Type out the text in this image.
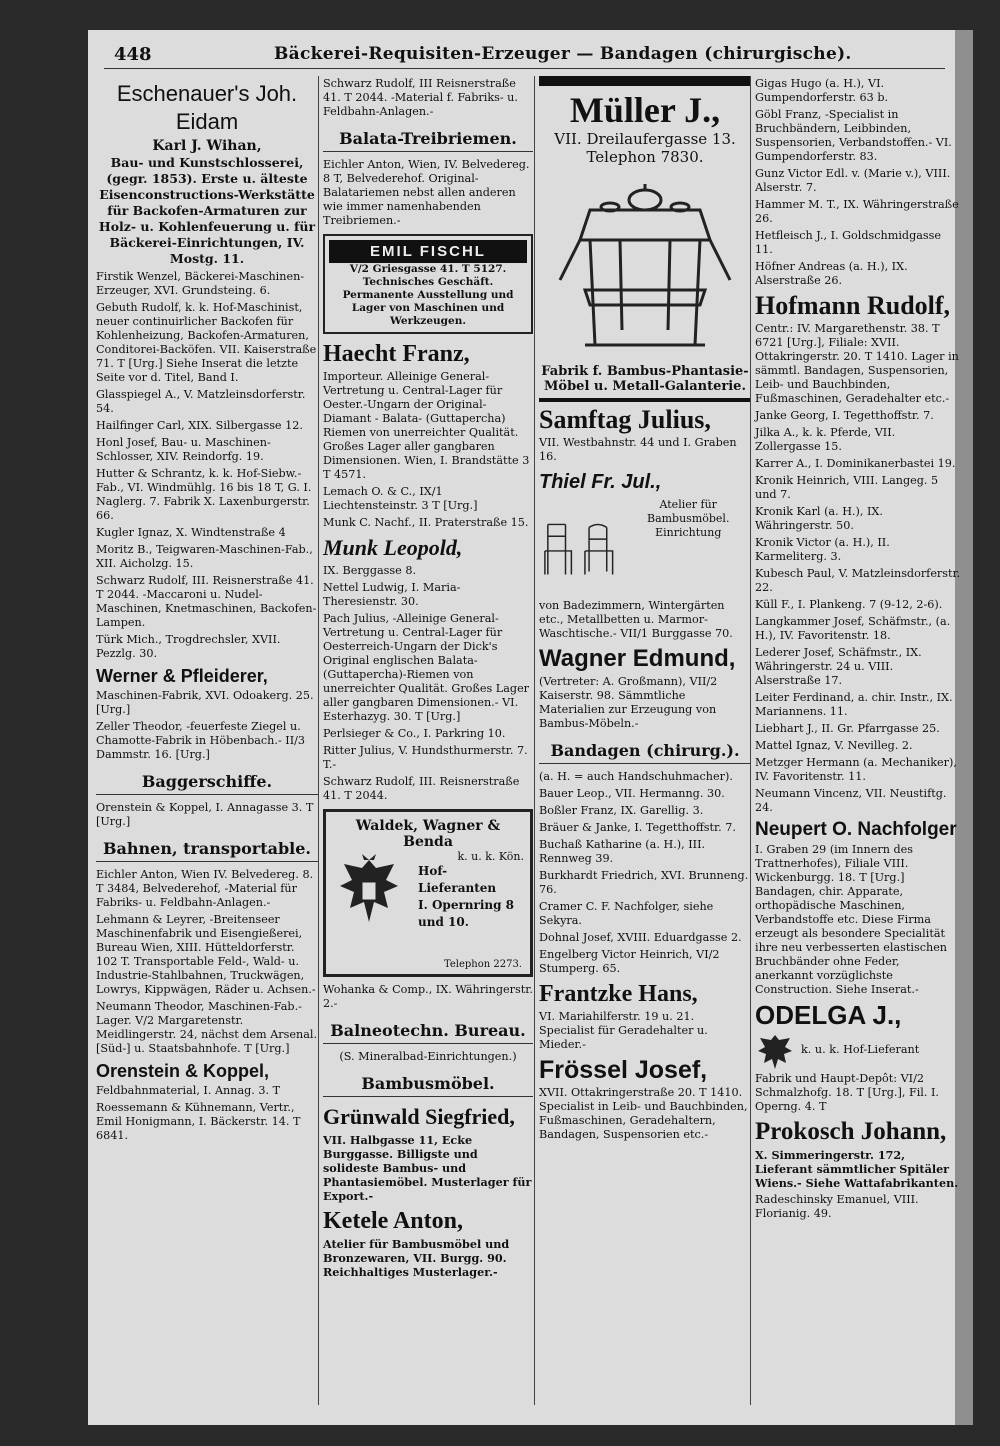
448	Bäckerei-Requisiten-Erzeuger — Bandagen (chirurgische).
Eschenauer's Joh. Eidam
Karl J. Wihan,
Bau- und Kunstschlosserei, (gegr. 1853). Erste u. älteste Eisenconstructions-Werkstätte für Backofen-Armaturen zur Holz- u. Kohlenfeuerung u. für Bäckerei-Einrichtungen, IV. Mostg. 11.
Firstik Wenzel, Bäckerei-Maschinen-Erzeuger, XVI. Grundsteing. 6.
Gebuth Rudolf, k. k. Hof-Maschinist, neuer continuirlicher Backofen für Kohlenheizung, Backofen-Armaturen, Conditorei-Backöfen. VII. Kaiserstraße 71. T [Urg.] Siehe Inserat die letzte Seite vor d. Titel, Band I.
Glasspiegel A., V. Matzleinsdorferstr. 54.
Hailfinger Carl, XIX. Silbergasse 12.
Honl Josef, Bau- u. Maschinen-Schlosser, XIV. Reindorfg. 19.
Hutter & Schrantz, k. k. Hof-Siebw.-Fab., VI. Windmühlg. 16 bis 18 T, G. I. Naglerg. 7. Fabrik X. Laxenburgerstr. 66.
Kugler Ignaz, X. Windtenstraße 4
Moritz B., Teigwaren-Maschinen-Fab., XII. Aicholzg. 15.
Schwarz Rudolf, III. Reisnerstraße 41. T 2044. -Maccaroni u. Nudel-Maschinen, Knetmaschinen, Backofen-Lampen.
Türk Mich., Trogdrechsler, XVII. Pezzlg. 30.
Werner & Pfleiderer,
Maschinen-Fabrik, XVI. Odoakerg. 25. [Urg.]
Zeller Theodor, -feuerfeste Ziegel u. Chamotte-Fabrik in Höbenbach.- II/3 Dammstr. 16. [Urg.]
Baggerschiffe.
Orenstein & Koppel, I. Annagasse 3. T [Urg.]
Bahnen, transportable.
Eichler Anton, Wien IV. Belvedereg. 8. T 3484, Belvederehof, -Material für Fabriks- u. Feldbahn-Anlagen.-
Lehmann & Leyrer, -Breitenseer Maschinenfabrik und Eisengießerei, Bureau Wien, XIII. Hütteldorferstr. 102 T. Transportable Feld-, Wald- u. Industrie-Stahlbahnen, Truckwägen, Lowrys, Kippwägen, Räder u. Achsen.-
Neumann Theodor, Maschinen-Fab.-Lager. V/2 Margaretenstr. Meidlingerstr. 24, nächst dem Arsenal. [Süd-] u. Staatsbahnhofe. T [Urg.]
Orenstein & Koppel,
Feldbahnmaterial, I. Annag. 3. T
Roessemann & Kühnemann, Vertr., Emil Honigmann, I. Bäckerstr. 14. T 6841.
Schwarz Rudolf, III Reisnerstraße 41. T 2044. -Material f. Fabriks- u. Feldbahn-Anlagen.-
Balata-Treibriemen.
Eichler Anton, Wien, IV. Belvedereg. 8 T, Belvederehof. Original-Balatariemen nebst allen anderen wie immer namenhabenden Treibriemen.-
EMIL FISCHL
V/2 Griesgasse 41. T 5127. Technisches Geschäft. Permanente Ausstellung und Lager von Maschinen und Werkzeugen.
Haecht Franz,
Importeur. Alleinige General-Vertretung u. Central-Lager für Oester.-Ungarn der Original-Diamant - Balata- (Guttapercha) Riemen von unerreichter Qualität. Großes Lager aller gangbaren Dimensionen. Wien, I. Brandstätte 3 T 4571.
Lemach O. & C., IX/1 Liechtensteinstr. 3 T [Urg.]
Munk C. Nachf., II. Praterstraße 15.
Munk Leopold,
IX. Berggasse 8.
Nettel Ludwig, I. Maria-Theresienstr. 30.
Pach Julius, -Alleinige General-Vertretung u. Central-Lager für Oesterreich-Ungarn der Dick's Original englischen Balata-(Guttapercha)-Riemen von unerreichter Qualität. Großes Lager aller gangbaren Dimensionen.- VI. Esterhazyg. 30. T [Urg.]
Perlsieger & Co., I. Parkring 10.
Ritter Julius, V. Hundsthurmerstr. 7. T.-
Schwarz Rudolf, III. Reisnerstraße 41. T 2044.
Waldek, Wagner & Benda
k. u. k. Kön.
Hof-Lieferanten
I. Opernring 8
und 10.
Telephon 2273.
Wohanka & Comp., IX. Währingerstr. 2.-
Balneotechn. Bureau.
(S. Mineralbad-Einrichtungen.)
Bambusmöbel.
Grünwald Siegfried,
VII. Halbgasse 11, Ecke Burggasse. Billigste und solideste Bambus- und Phantasiemöbel. Musterlager für Export.-
Ketele Anton,
Atelier für Bambusmöbel und Bronzewaren, VII. Burgg. 90. Reichhaltiges Musterlager.-
Müller J.,
VII. Dreilaufergasse 13.
Telephon 7830.
Fabrik f. Bambus-Phantasie-Möbel u. Metall-Galanterie.
Samftag Julius,
VII. Westbahnstr. 44 und I. Graben 16.
Thiel Fr. Jul.,
Atelier für Bambusmöbel. Einrichtung
von Badezimmern, Wintergärten etc., Metallbetten u. Marmor-Waschtische.- VII/1 Burggasse 70.
Wagner Edmund,
(Vertreter: A. Großmann), VII/2 Kaiserstr. 98. Sämmtliche Materialien zur Erzeugung von Bambus-Möbeln.-
Bandagen (chirurg.).
(a. H. = auch Handschuhmacher).
Bauer Leop., VII. Hermanng. 30.
Boßler Franz, IX. Garellig. 3.
Bräuer & Janke, I. Tegetthoffstr. 7.
Buchaß Katharine (a. H.), III. Rennweg 39.
Burkhardt Friedrich, XVI. Brunneng. 76.
Cramer C. F. Nachfolger, siehe Sekyra.
Dohnal Josef, XVIII. Eduardgasse 2.
Engelberg Victor Heinrich, VI/2 Stumperg. 65.
Frantzke Hans,
VI. Mariahilferstr. 19 u. 21. Specialist für Geradehalter u. Mieder.-
Frössel Josef,
XVII. Ottakringerstraße 20. T 1410. Specialist in Leib- und Bauchbinden, Fußmaschinen, Geradehaltern, Bandagen, Suspensorien etc.-
Gigas Hugo (a. H.), VI. Gumpendorferstr. 63 b.
Göbl Franz, -Specialist in Bruchbändern, Leibbinden, Suspensorien, Verbandstoffen.- VI. Gumpendorferstr. 83.
Gunz Victor Edl. v. (Marie v.), VIII. Alserstr. 7.
Hammer M. T., IX. Währingerstraße 26.
Hetfleisch J., I. Goldschmidgasse 11.
Höfner Andreas (a. H.), IX. Alserstraße 26.
Hofmann Rudolf,
Centr.: IV. Margarethenstr. 38. T 6721 [Urg.], Filiale: XVII. Ottakringerstr. 20. T 1410. Lager in sämmtl. Bandagen, Suspensorien, Leib- und Bauchbinden, Fußmaschinen, Geradehalter etc.-
Janke Georg, I. Tegetthoffstr. 7.
Jilka A., k. k. Pferde, VII. Zollergasse 15.
Karrer A., I. Dominikanerbastei 19.
Kronik Heinrich, VIII. Langeg. 5 und 7.
Kronik Karl (a. H.), IX. Währingerstr. 50.
Kronik Victor (a. H.), II. Karmeliterg. 3.
Kubesch Paul, V. Matzleinsdorferstr. 22.
Küll F., I. Plankeng. 7 (9-12, 2-6).
Langkammer Josef, Schäfmstr., (a. H.), IV. Favoritenstr. 18.
Lederer Josef, Schäfmstr., IX. Währingerstr. 24 u. VIII. Alserstraße 17.
Leiter Ferdinand, a. chir. Instr., IX. Mariannens. 11.
Liebhart J., II. Gr. Pfarrgasse 25.
Mattel Ignaz, V. Nevilleg. 2.
Metzger Hermann (a. Mechaniker), IV. Favoritenstr. 11.
Neumann Vincenz, VII. Neustiftg. 24.
Neupert O. Nachfolger
I. Graben 29 (im Innern des Trattnerhofes), Filiale VIII. Wickenburgg. 18. T [Urg.] Bandagen, chir. Apparate, orthopädische Maschinen, Verbandstoffe etc. Diese Firma erzeugt als besondere Specialität ihre neu verbesserten elastischen Bruchbänder ohne Feder, anerkannt vorzüglichste Construction. Siehe Inserat.-
ODELGA J.,
k. u. k. Hof-Lieferant
Fabrik und Haupt-Depôt: VI/2 Schmalzhofg. 18. T [Urg.], Fil. I. Operng. 4. T
Prokosch Johann,
X. Simmeringerstr. 172, Lieferant sämmtlicher Spitäler Wiens.- Siehe Wattafabrikanten.
Radeschinsky Emanuel, VIII. Florianig. 49.
